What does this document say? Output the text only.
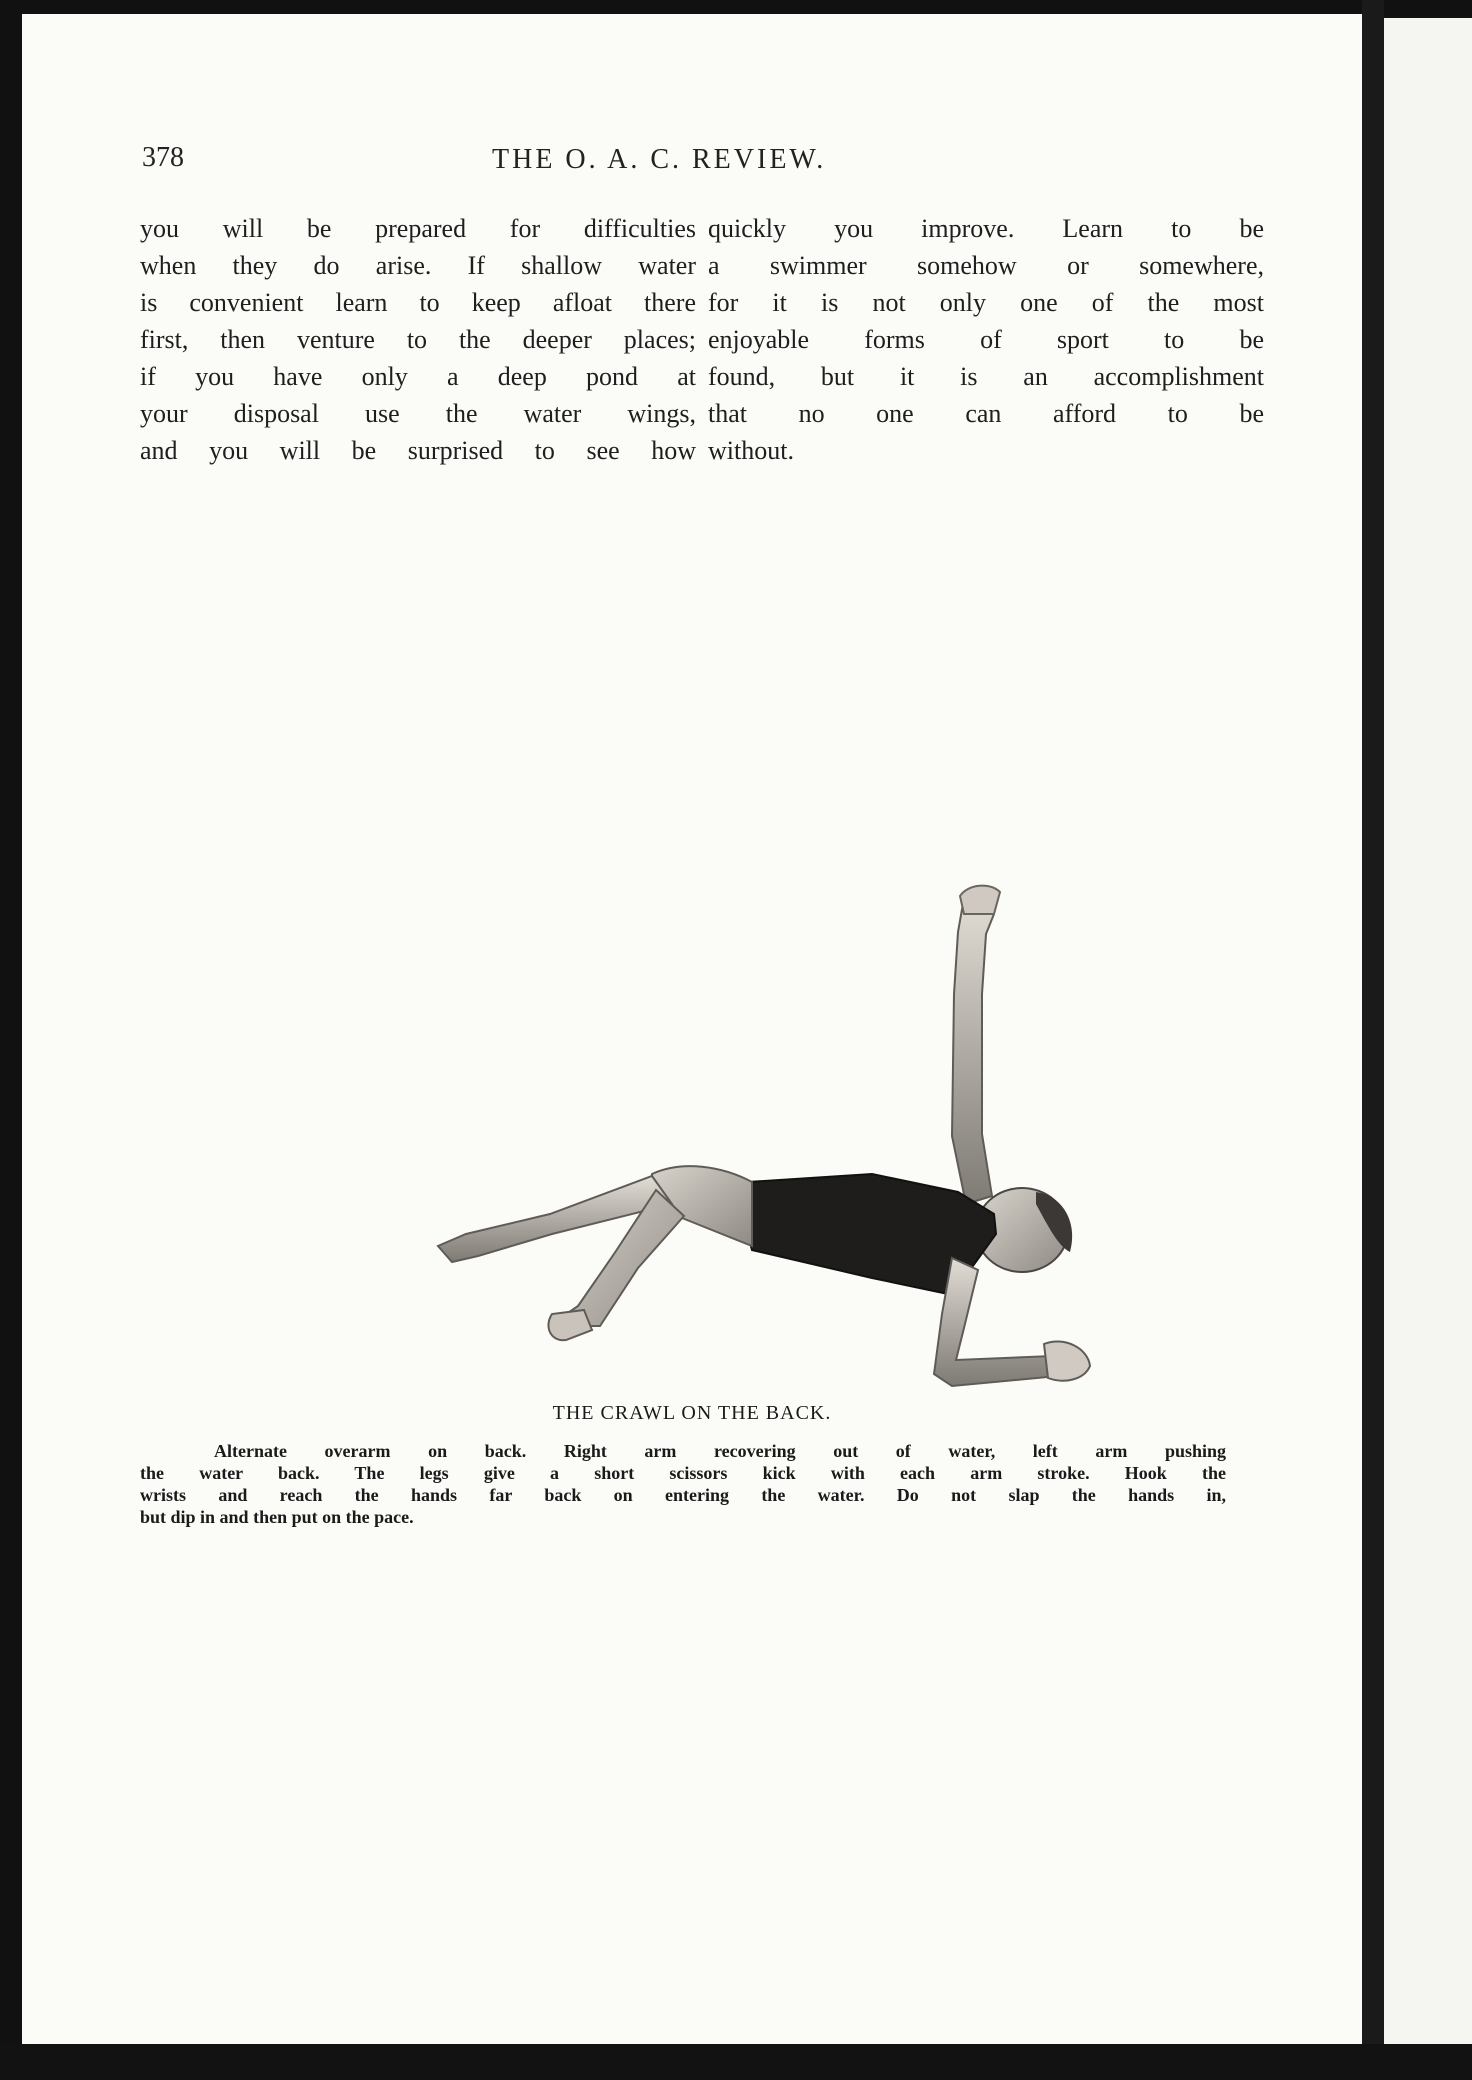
378	THE O. A. C. REVIEW.
you will be prepared for difficulties
when they do arise. If shallow water
is convenient learn to keep afloat there
first, then venture to the deeper places;
if you have only a deep pond at
your disposal use the water wings,
and you will be surprised to see how
quickly you improve. Learn to be
a swimmer somehow or somewhere,
for it is not only one of the most
enjoyable forms of sport to be
found, but it is an accomplishment
that no one can afford to be
without.
THE CRAWL ON THE BACK.
Alternate overarm on back. Right arm recovering out of water, left arm pushing
the water back. The legs give a short scissors kick with each arm stroke. Hook the
wrists and reach the hands far back on entering the water. Do not slap the hands in,
but dip in and then put on the pace.
